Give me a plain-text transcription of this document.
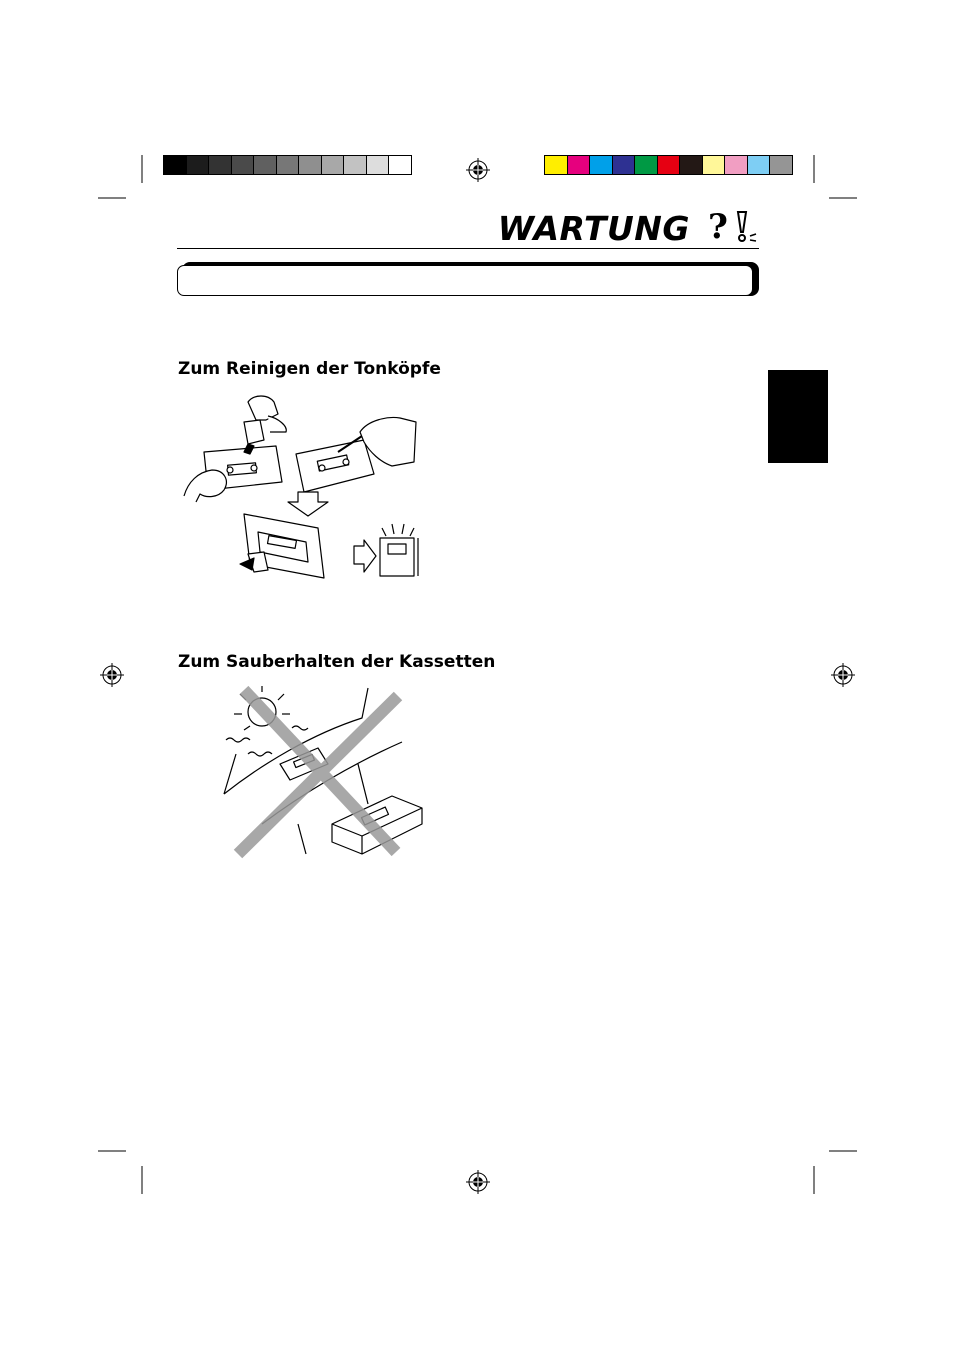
WARTUNG ?
Zum Reinigen der Tonköpfe
Zum Sauberhalten der Kassetten
